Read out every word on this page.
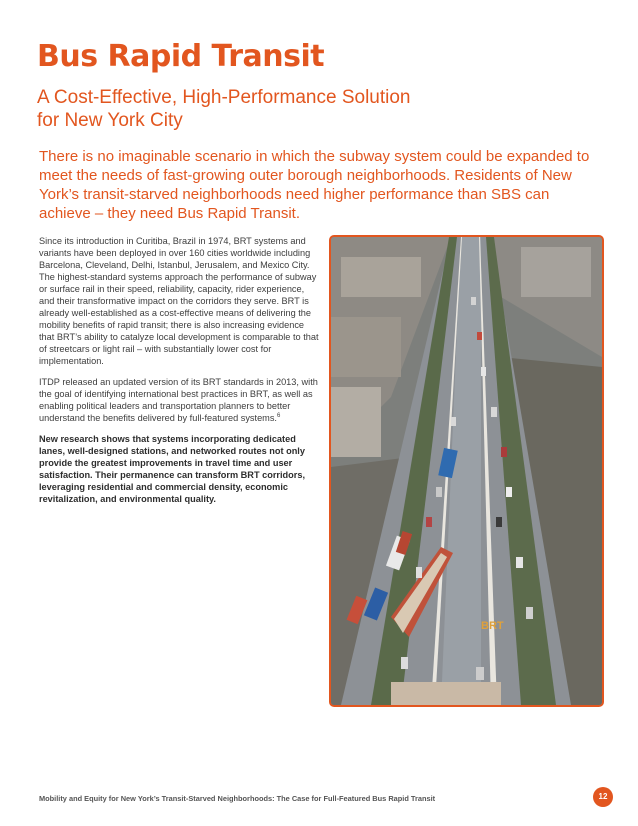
Bus Rapid Transit
A Cost-Effective, High-Performance Solution
for New York City
There is no imaginable scenario in which the subway system could be expanded to meet the needs of fast-growing outer borough neighborhoods. Residents of New York’s transit-starved neighborhoods need higher performance than SBS can achieve – they need Bus Rapid Transit.

Since its introduction in Curitiba, Brazil in 1974, BRT systems and variants have been deployed in over 160 cities worldwide including Barcelona, Cleveland, Delhi, Istanbul, Jerusalem, and Mexico City. The highest-standard systems approach the performance of subway or surface rail in their speed, reliability, capacity, rider experience, and their transformative impact on the corridors they serve. BRT is already well-established as a cost-effective means of delivering the mobility benefits of rapid transit; there is also increasing evidence that BRT’s ability to catalyze local development is comparable to that of streetcars or light rail – with substantially lower cost for implementation.

ITDP released an updated version of its BRT standards in 2013, with the goal of identifying international best practices in BRT, as well as enabling political leaders and transportation planners to better understand the benefits delivered by full-featured systems.$^6$

New research shows that systems incorporating dedicated lanes, well-designed stations, and networked routes not only provide the greatest improvements in travel time and user satisfaction. Their permanence can transform BRT corridors, leveraging residential and commercial density, economic revitalization, and environmental quality.

BRT
Mobility and Equity for New York’s Transit-Starved Neighborhoods: The Case for Full-Featured Bus Rapid Transit	12
